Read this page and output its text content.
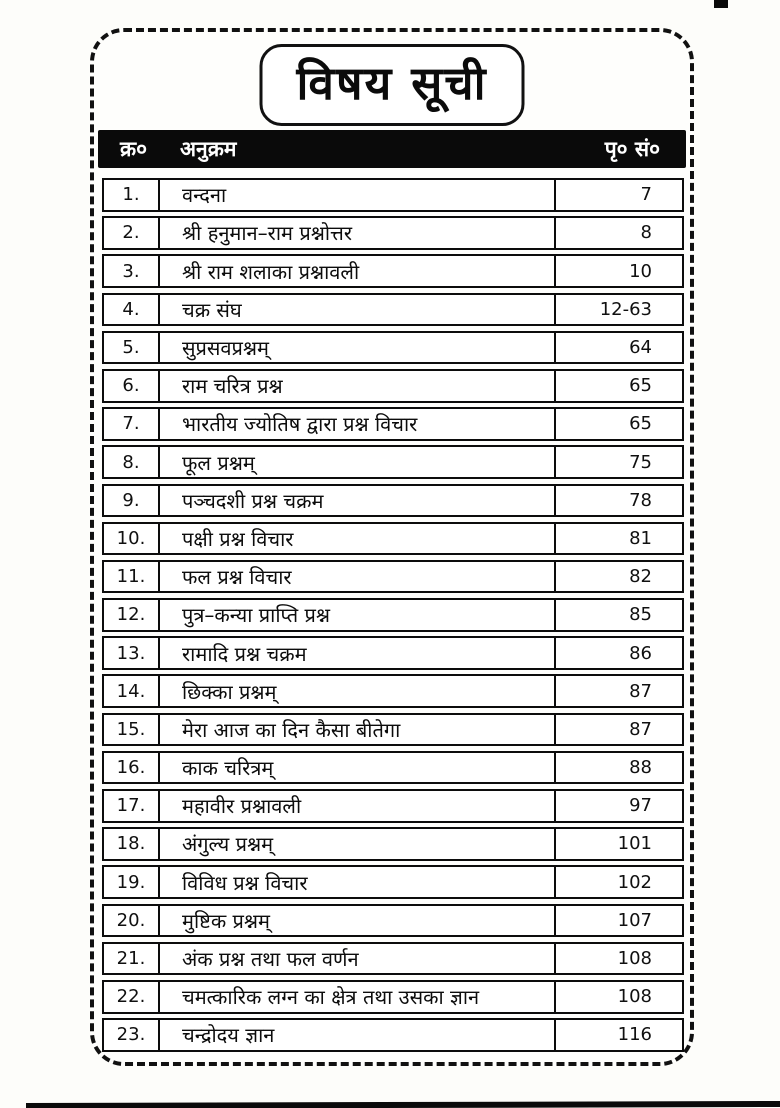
विषय सूची
क्र०	अनुक्रम	पृ० सं०
1.	वन्दना	7
2.	श्री हनुमान–राम प्रश्नोत्तर	8
3.	श्री राम शलाका प्रश्नावली	10
4.	चक्र संघ	12-63
5.	सुप्रसवप्रश्नम्	64
6.	राम चरित्र प्रश्न	65
7.	भारतीय ज्योतिष द्वारा प्रश्न विचार	65
8.	फूल प्रश्नम्	75
9.	पञ्चदशी प्रश्न चक्रम	78
10.	पक्षी प्रश्न विचार	81
11.	फल प्रश्न विचार	82
12.	पुत्र–कन्या प्राप्ति प्रश्न	85
13.	रामादि प्रश्न चक्रम	86
14.	छिक्का प्रश्नम्	87
15.	मेरा आज का दिन कैसा बीतेगा	87
16.	काक चरित्रम्	88
17.	महावीर प्रश्नावली	97
18.	अंगुल्य प्रश्नम्	101
19.	विविध प्रश्न विचार	102
20.	मुष्टिक प्रश्नम्	107
21.	अंक प्रश्न तथा फल वर्णन	108
22.	चमत्कारिक लग्न का क्षेत्र तथा उसका ज्ञान	108
23.	चन्द्रोदय ज्ञान	116
